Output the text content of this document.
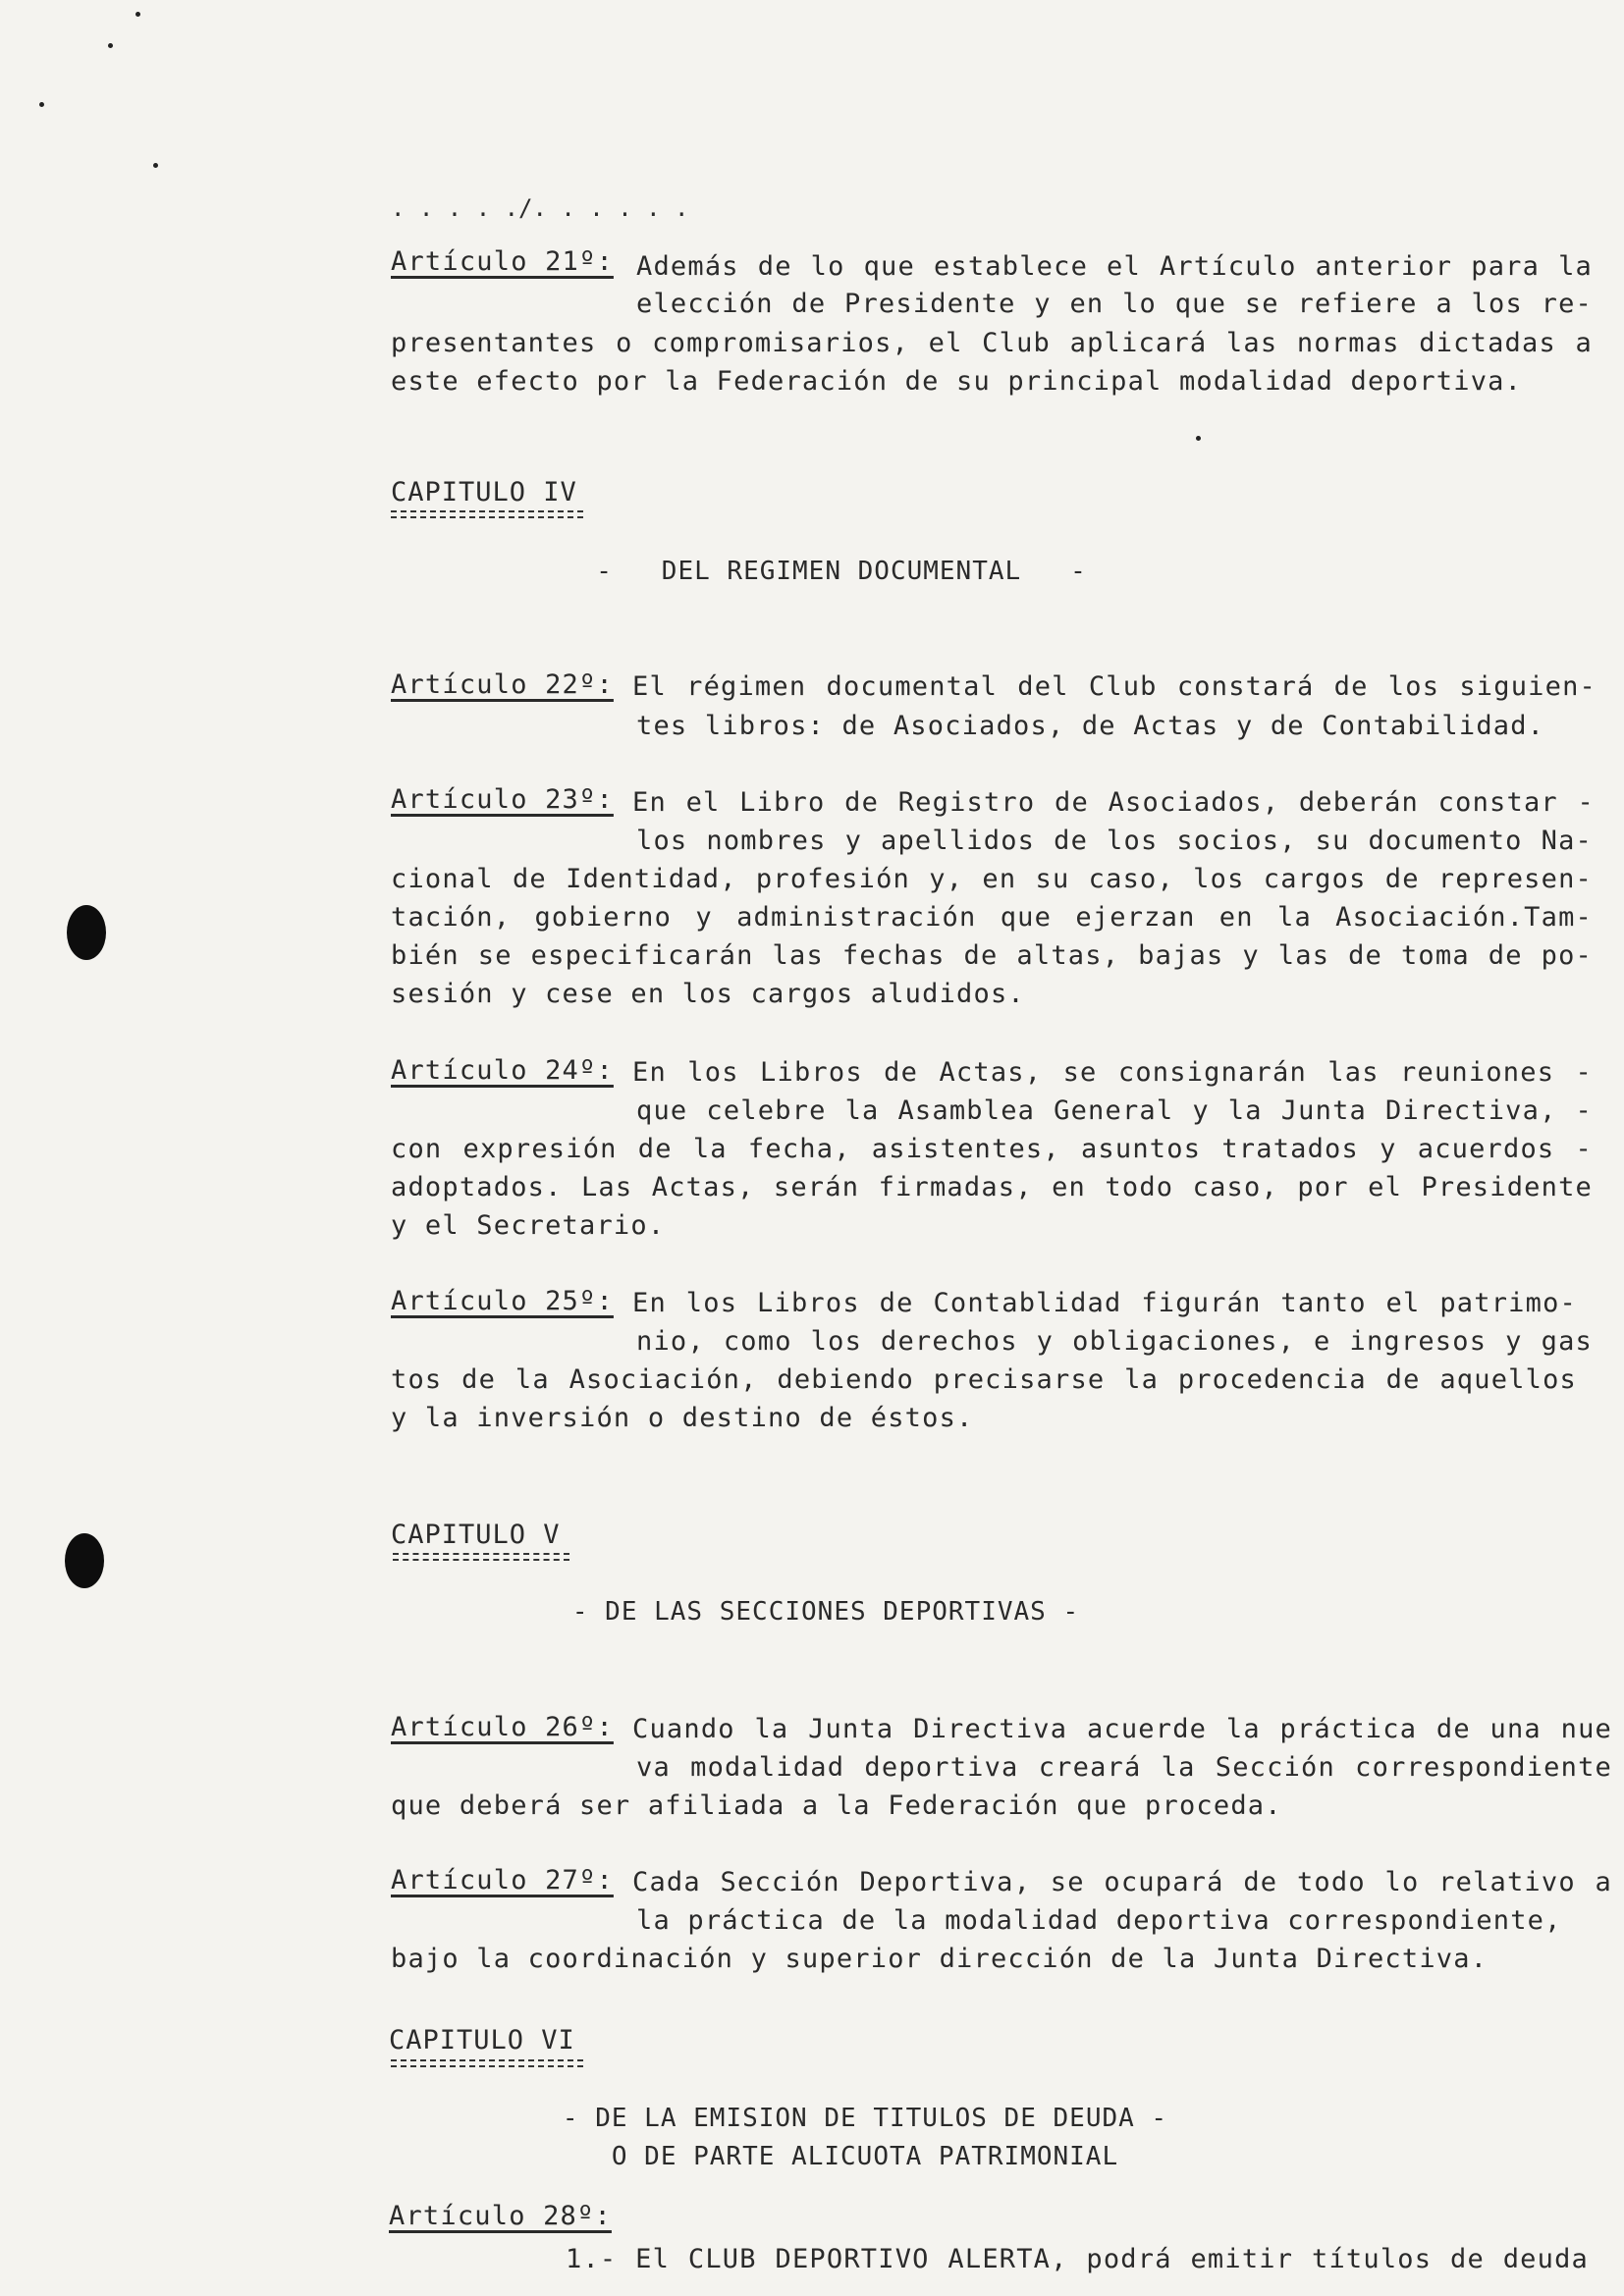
. . . . ./. . . . . .
Artículo 21º: Además de lo que establece el Artículo anterior para la
elección de Presidente y en lo que se refiere a los re-
presentantes o compromisarios, el Club aplicará las normas dictadas a
este efecto por la Federación de su principal modalidad deportiva.
CAPITULO IV
-   DEL REGIMEN DOCUMENTAL   -
Artículo 22º: El régimen documental del Club constará de los siguien-
tes libros: de Asociados, de Actas y de Contabilidad.
Artículo 23º: En el Libro de Registro de Asociados, deberán constar -
los nombres y apellidos de los socios, su documento Na-
cional de Identidad, profesión y, en su caso, los cargos de represen-
tación, gobierno y administración que ejerzan en la Asociación.Tam-
bién se especificarán las fechas de altas, bajas y las de toma de po-
sesión y cese en los cargos aludidos.
Artículo 24º: En los Libros de Actas, se consignarán las reuniones -
que celebre la Asamblea General y la Junta Directiva, -
con expresión de la fecha, asistentes, asuntos tratados y acuerdos -
adoptados. Las Actas, serán firmadas, en todo caso, por el Presidente
y el Secretario.
Artículo 25º: En los Libros de Contablidad figurán tanto el patrimo-
nio, como los derechos y obligaciones, e ingresos y gas
tos de la Asociación, debiendo precisarse la procedencia de aquellos
y la inversión o destino de éstos.
CAPITULO V
- DE LAS SECCIONES DEPORTIVAS -
Artículo 26º: Cuando la Junta Directiva acuerde la práctica de una nue
va modalidad deportiva creará la Sección correspondiente
que deberá ser afiliada a la Federación que proceda.
Artículo 27º: Cada Sección Deportiva, se ocupará de todo lo relativo a
la práctica de la modalidad deportiva correspondiente,
bajo la coordinación y superior dirección de la Junta Directiva.
CAPITULO VI
- DE LA EMISION DE TITULOS DE DEUDA -
O DE PARTE ALICUOTA PATRIMONIAL
Artículo 28º:
1.- El CLUB DEPORTIVO ALERTA, podrá emitir títulos de deuda
